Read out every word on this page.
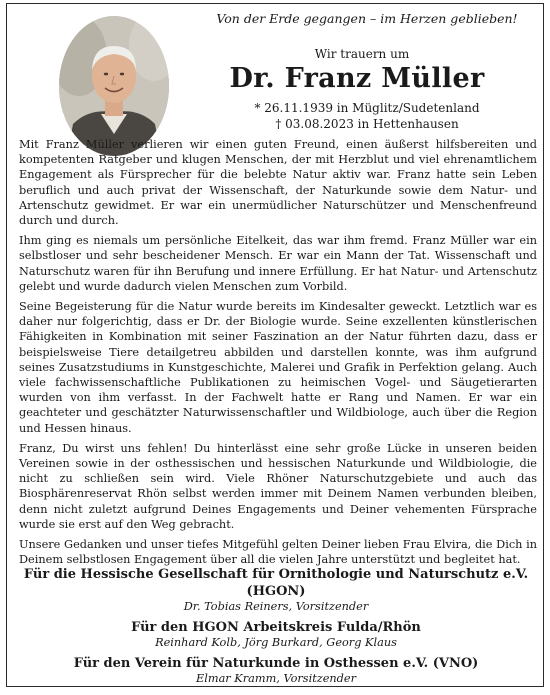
Von der Erde gegangen – im Herzen geblieben!
Wir trauern um
Dr. Franz Müller
* 26.11.1939 in Müglitz/Sudetenland
† 03.08.2023 in Hettenhausen

Mit Franz Müller verlieren wir einen guten Freund, einen äußerst hilfsbereiten und kompetenten Ratgeber und klugen Menschen, der mit Herzblut und viel ehrenamtlichem Engagement als Fürsprecher für die belebte Natur aktiv war. Franz hatte sein Leben beruflich und auch privat der Wissenschaft, der Naturkunde sowie dem Natur- und Artenschutz gewidmet. Er war ein unermüdlicher Naturschützer und Menschenfreund durch und durch.

Ihm ging es niemals um persönliche Eitelkeit, das war ihm fremd. Franz Müller war ein selbstloser und sehr bescheidener Mensch. Er war ein Mann der Tat. Wissenschaft und Naturschutz waren für ihn Berufung und innere Erfüllung. Er hat Natur- und Artenschutz gelebt und wurde dadurch vielen Menschen zum Vorbild.

Seine Begeisterung für die Natur wurde bereits im Kindesalter geweckt. Letztlich war es daher nur folgerichtig, dass er Dr. der Biologie wurde. Seine exzellenten künstlerischen Fähigkeiten in Kombination mit seiner Faszination an der Natur führten dazu, dass er beispielsweise Tiere detailgetreu abbilden und darstellen konnte, was ihm aufgrund seines Zusatzstudiums in Kunstgeschichte, Malerei und Grafik in Perfektion gelang. Auch viele fachwissenschaftliche Publikationen zu heimischen Vogel- und Säugetierarten wurden von ihm verfasst. In der Fachwelt hatte er Rang und Namen. Er war ein geachteter und geschätzter Naturwissenschaftler und Wildbiologe, auch über die Region und Hessen hinaus.

Franz, Du wirst uns fehlen! Du hinterlässt eine sehr große Lücke in unseren beiden Vereinen sowie in der osthessischen und hessischen Naturkunde und Wildbiologie, die nicht zu schließen sein wird. Viele Rhöner Naturschutzgebiete und auch das Biosphärenreservat Rhön selbst werden immer mit Deinem Namen verbunden bleiben, denn nicht zuletzt aufgrund Deines Engagements und Deiner vehementen Fürsprache wurde sie erst auf den Weg gebracht.

Unsere Gedanken und unser tiefes Mitgefühl gelten Deiner lieben Frau Elvira, die Dich in Deinem selbstlosen Engagement über all die vielen Jahre unterstützt und begleitet hat.

Für die Hessische Gesellschaft für Ornithologie und Naturschutz e.V. (HGON)
Dr. Tobias Reiners, Vorsitzender
Für den HGON Arbeitskreis Fulda/Rhön
Reinhard Kolb, Jörg Burkard, Georg Klaus
Für den Verein für Naturkunde in Osthessen e.V. (VNO)
Elmar Kramm, Vorsitzender
